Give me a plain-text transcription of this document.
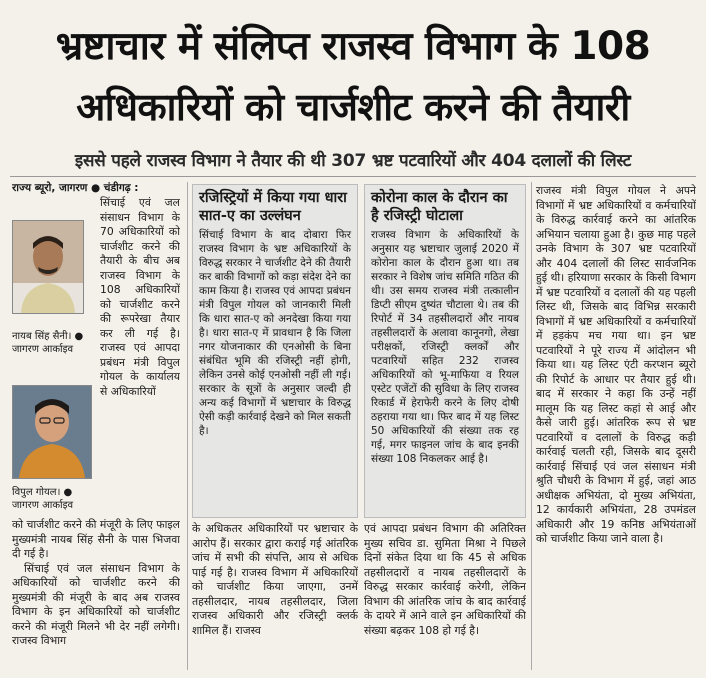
भ्रष्टाचार में संलिप्त राजस्व विभाग के 108
अधिकारियों को चार्जशीट करने की तैयारी
इससे पहले राजस्व विभाग ने तैयार की थी 307 भ्रष्ट पटवारियों और 404 दलालों की लिस्ट
राज्य ब्यूरो, जागरण ● चंडीगढ़ :
नायब सिंह सैनी। ● जागरण आर्काइव
विपुल गोयल। ● जागरण आर्काइव
सिंचाई एवं जल संसाधन विभाग के 70 अधिकारियों को चार्जशीट करने की तैयारी के बीच अब राजस्व विभाग के 108 अधिकारियों को चार्जशीट करने की रूपरेखा तैयार कर ली गई है। राजस्व एवं आपदा प्रबंधन मंत्री विपुल गोयल के कार्यालय से अधिकारियों

को चार्जशीट करने की मंजूरी के लिए फाइल मुख्यमंत्री नायब सिंह सैनी के पास भिजवा दी गई है।

सिंचाई एवं जल संसाधन विभाग के अधिकारियों को चार्जशीट करने की मुख्यमंत्री की मंजूरी के बाद अब राजस्व विभाग के इन अधिकारियों को चार्जशीट करने की मंजूरी मिलने भी देर नहीं लगेगी। राजस्व विभाग

रजिस्ट्रियों में किया गया धारा सात-ए का उल्लंघन
सिंचाई विभाग के बाद दोबारा फिर राजस्व विभाग के भ्रष्ट अधिकारियों के विरुद्ध सरकार ने चार्जशीट देने की तैयारी कर बाकी विभागों को कड़ा संदेश देने का काम किया है। राजस्व एवं आपदा प्रबंधन मंत्री विपुल गोयल को जानकारी मिली कि धारा सात-ए को अनदेखा किया गया है। धारा सात-ए में प्रावधान है कि जिला नगर योजनाकार की एनओसी के बिना संबंधित भूमि की रजिस्ट्री नहीं होगी, लेकिन उनसे कोई एनओसी नहीं ली गई। सरकार के सूत्रों के अनुसार जल्दी ही अन्य कई विभागों में भ्रष्टाचार के विरुद्ध ऐसी कड़ी कार्रवाई देखने को मिल सकती है।
कोरोना काल के दौरान का है रजिस्ट्री घोटाला
राजस्व विभाग के अधिकारियों के अनुसार यह भ्रष्टाचार जुलाई 2020 में कोरोना काल के दौरान हुआ था। तब सरकार ने विशेष जांच समिति गठित की थी। उस समय राजस्व मंत्री तत्कालीन डिप्टी सीएम दुष्यंत चौटाला थे। तब की रिपोर्ट में 34 तहसीलदारों और नायब तहसीलदारों के अलावा कानूनगो, लेखा परीक्षकों, रजिस्ट्री क्लर्कों और पटवारियों सहित 232 राजस्व अधिकारियों को भू-माफिया व रियल एस्टेट एजेंटों की सुविधा के लिए राजस्व रिकार्ड में हेराफेरी करने के लिए दोषी ठहराया गया था। फिर बाद में यह लिस्ट 50 अधिकारियों की संख्या तक रह गई, मगर फाइनल जांच के बाद इनकी संख्या 108 निकलकर आई है।
के अधिकतर अधिकारियों पर भ्रष्टाचार के आरोप हैं। सरकार द्वारा कराई गई आंतरिक जांच में सभी की संपत्ति, आय से अधिक पाई गई है। राजस्व विभाग में अधिकारियों को चार्जशीट किया जाएगा, उनमें तहसीलदार, नायब तहसीलदार, जिला राजस्व अधिकारी और रजिस्ट्री क्लर्क शामिल हैं। राजस्व
एवं आपदा प्रबंधन विभाग की अतिरिक्त मुख्य सचिव डा. सुमिता मिश्रा ने पिछले दिनों संकेत दिया था कि 45 से अधिक तहसीलदारों व नायब तहसीलदारों के विरुद्ध सरकार कार्रवाई करेगी, लेकिन विभाग की आंतरिक जांच के बाद कार्रवाई के दायरे में आने वाले इन अधिकारियों की संख्या बढ़कर 108 हो गई है।
राजस्व मंत्री विपुल गोयल ने अपने विभागों में भ्रष्ट अधिकारियों व कर्मचारियों के विरुद्ध कार्रवाई करने का आंतरिक अभियान चलाया हुआ है। कुछ माह पहले उनके विभाग के 307 भ्रष्ट पटवारियों और 404 दलालों की लिस्ट सार्वजनिक हुई थी। हरियाणा सरकार के किसी विभाग में भ्रष्ट पटवारियों व दलालों की यह पहली लिस्ट थी, जिसके बाद विभिन्न सरकारी विभागों में भ्रष्ट अधिकारियों व कर्मचारियों में हड़कंप मच गया था। इन भ्रष्ट पटवारियों ने पूरे राज्य में आंदोलन भी किया था। यह लिस्ट एंटी करप्शन ब्यूरो की रिपोर्ट के आधार पर तैयार हुई थी। बाद में सरकार ने कहा कि उन्हें नहीं मालूम कि यह लिस्ट कहां से आई और कैसे जारी हुई। आंतरिक रूप से भ्रष्ट पटवारियों व दलालों के विरुद्ध कड़ी कार्रवाई चलती रही, जिसके बाद दूसरी कार्रवाई सिंचाई एवं जल संसाधन मंत्री श्रुति चौधरी के विभाग में हुई, जहां आठ अधीक्षक अभियंता, दो मुख्य अभियंता, 12 कार्यकारी अभियंता, 28 उपमंडल अधिकारी और 19 कनिष्ठ अभियंताओं को चार्जशीट किया जाने वाला है।
